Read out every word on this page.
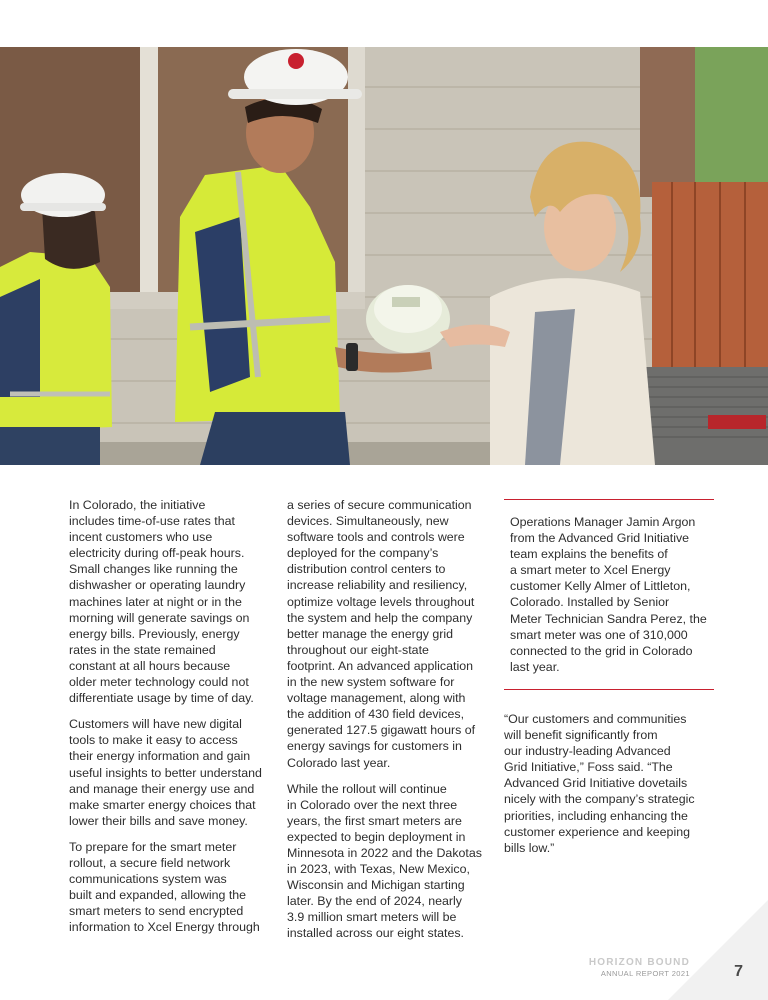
In Colorado, the initiative
includes time-of-use rates that
incent customers who use
electricity during off-peak hours.
Small changes like running the
dishwasher or operating laundry
machines later at night or in the
morning will generate savings on
energy bills. Previously, energy
rates in the state remained
constant at all hours because
older meter technology could not
differentiate usage by time of day.

Customers will have new digital
tools to make it easy to access
their energy information and gain
useful insights to better understand
and manage their energy use and
make smarter energy choices that
lower their bills and save money.

To prepare for the smart meter
rollout, a secure field network
communications system was
built and expanded, allowing the
smart meters to send encrypted
information to Xcel Energy through

a series of secure communication
devices. Simultaneously, new
software tools and controls were
deployed for the company’s
distribution control centers to
increase reliability and resiliency,
optimize voltage levels throughout
the system and help the company
better manage the energy grid
throughout our eight-state
footprint. An advanced application
in the new system software for
voltage management, along with
the addition of 430 field devices,
generated 127.5 gigawatt hours of
energy savings for customers in
Colorado last year.

While the rollout will continue
in Colorado over the next three
years, the first smart meters are
expected to begin deployment in
Minnesota in 2022 and the Dakotas
in 2023, with Texas, New Mexico,
Wisconsin and Michigan starting
later. By the end of 2024, nearly
3.9 million smart meters will be
installed across our eight states.

Operations Manager Jamin Argon
from the Advanced Grid Initiative
team explains the benefits of
a smart meter to Xcel Energy
customer Kelly Almer of Littleton,
Colorado. Installed by Senior
Meter Technician Sandra Perez, the
smart meter was one of 310,000
connected to the grid in Colorado
last year.

“Our customers and communities
will benefit significantly from
our industry-leading Advanced
Grid Initiative,” Foss said. “The
Advanced Grid Initiative dovetails
nicely with the company’s strategic
priorities, including enhancing the
customer experience and keeping
bills low.”

HORIZON BOUND
ANNUAL REPORT 2021	7
